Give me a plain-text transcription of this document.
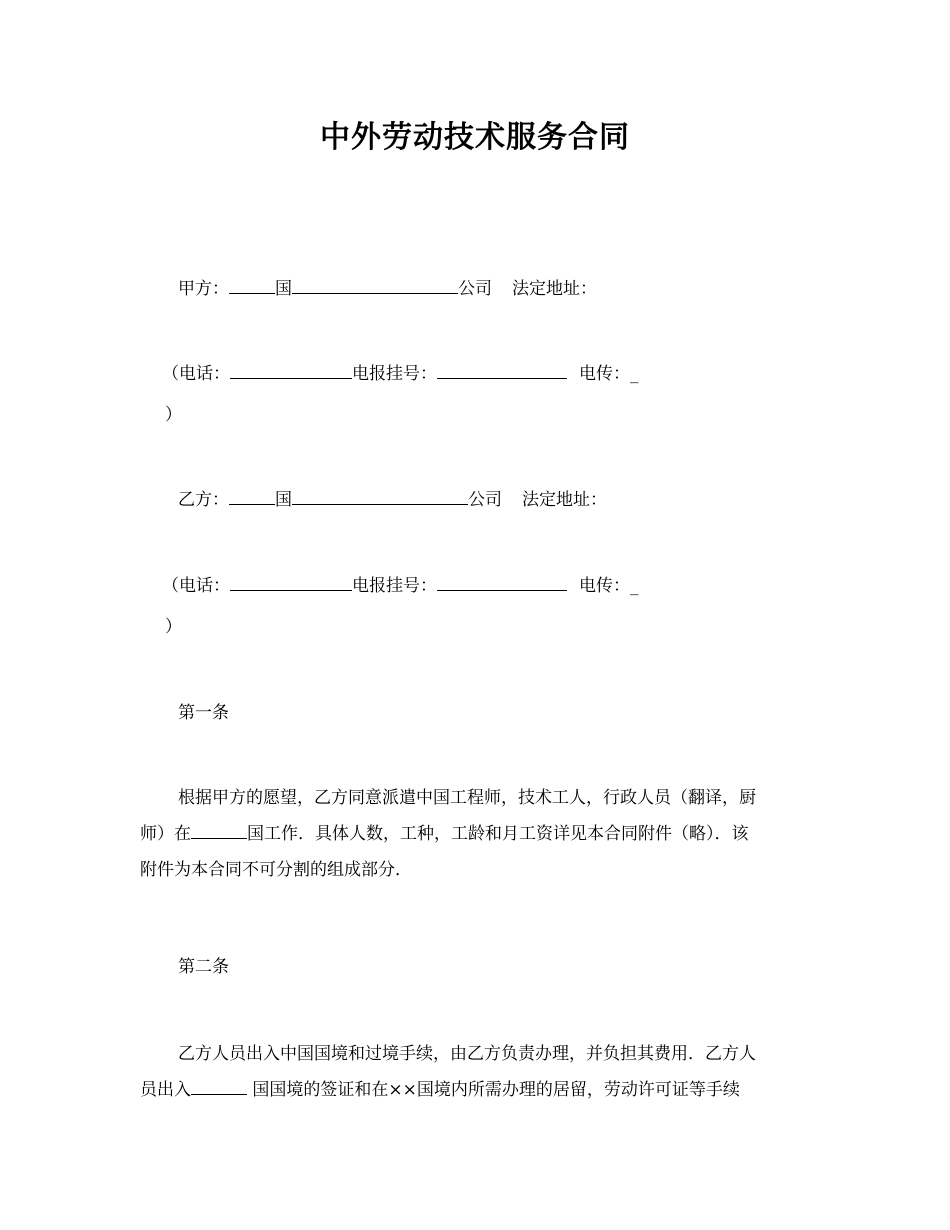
中外劳动技术服务合同
甲方：	国	公司 法定地址：
（电话：	电报挂号：	电传：_
）
乙方：	国	公司 法定地址：
（电话：	电报挂号：	电传：_
）
第一条
根据甲方的愿望，乙方同意派遣中国工程师，技术工人，行政人员（翻译，厨
师）在	国工作．具体人数，工种，工龄和月工资详见本合同附件（略）．该
附件为本合同不可分割的组成部分．
第二条
乙方人员出入中国国境和过境手续，由乙方负责办理，并负担其费用．乙方人
员出入	国国境的签证和在××国境内所需办理的居留，劳动许可证等手续
